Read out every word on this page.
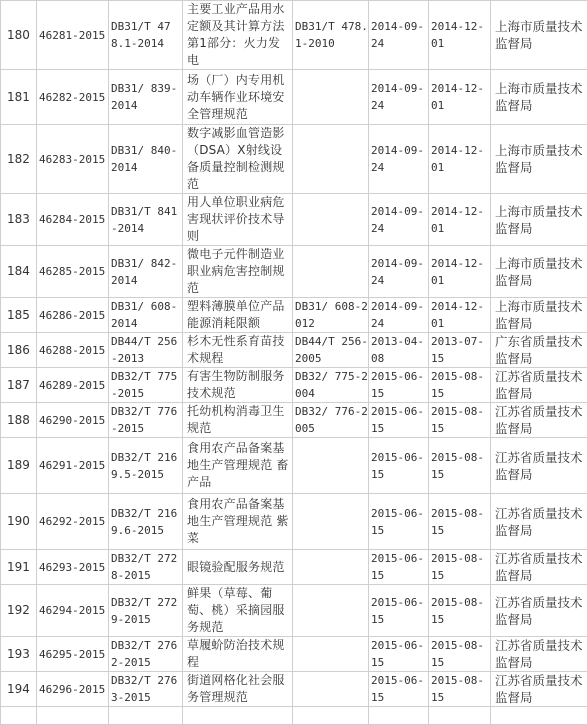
180	46281-2015	DB31/T 478.1-2014	主要工业产品用水定额及其计算方法 第1部分：火力发电	DB31/T 478.1-2010	2014-09-24	2014-12-01	上海市质量技术监督局
181	46282-2015	DB31/ 839-2014	场（厂）内专用机动车辆作业环境安全管理规范		2014-09-24	2014-12-01	上海市质量技术监督局
182	46283-2015	DB31/ 840-2014	数字减影血管造影（DSA）X射线设备质量控制检测规范		2014-09-24	2014-12-01	上海市质量技术监督局
183	46284-2015	DB31/T 841-2014	用人单位职业病危害现状评价技术导则		2014-09-24	2014-12-01	上海市质量技术监督局
184	46285-2015	DB31/ 842-2014	微电子元件制造业职业病危害控制规范		2014-09-24	2014-12-01	上海市质量技术监督局
185	46286-2015	DB31/ 608-2014	塑料薄膜单位产品能源消耗限额	DB31/ 608-2012	2014-09-24	2014-12-01	上海市质量技术监督局
186	46288-2015	DB44/T 256-2013	杉木无性系育苗技术规程	DB44/T 256-2005	2013-04-08	2013-07-15	广东省质量技术监督局
187	46289-2015	DB32/T 775-2015	有害生物防制服务技术规范	DB32/ 775-2004	2015-06-15	2015-08-15	江苏省质量技术监督局
188	46290-2015	DB32/T 776-2015	托幼机构消毒卫生规范	DB32/ 776-2005	2015-06-15	2015-08-15	江苏省质量技术监督局
189	46291-2015	DB32/T 2169.5-2015	食用农产品备案基地生产管理规范 畜产品		2015-06-15	2015-08-15	江苏省质量技术监督局
190	46292-2015	DB32/T 2169.6-2015	食用农产品备案基地生产管理规范 紫菜		2015-06-15	2015-08-15	江苏省质量技术监督局
191	46293-2015	DB32/T 2728-2015	眼镜验配服务规范		2015-06-15	2015-08-15	江苏省质量技术监督局
192	46294-2015	DB32/T 2729-2015	鲜果（草莓、葡萄、桃）采摘园服务规范		2015-06-15	2015-08-15	江苏省质量技术监督局
193	46295-2015	DB32/T 2762-2015	草履蚧防治技术规程		2015-06-15	2015-08-15	江苏省质量技术监督局
194	46296-2015	DB32/T 2763-2015	街道网格化社会服务管理规范		2015-06-15	2015-08-15	江苏省质量技术监督局
